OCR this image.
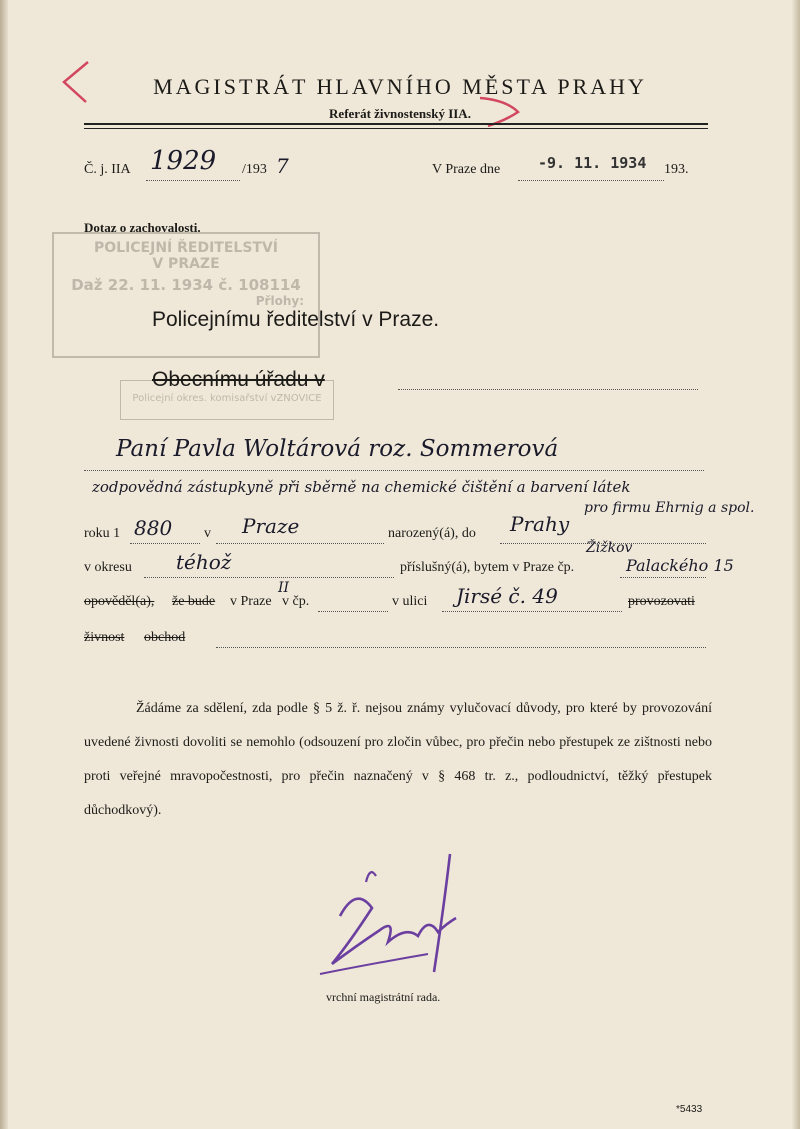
MAGISTRÁT HLAVNÍHO MĚSTA PRAHY
Referát živnostenský IIA.
Č. j. IIA 1929 /193 7	V Praze dne	-9. 11. 1934 193.
Dotaz o zachovalosti.
POLICEJNÍ ŘEDITELSTVÍ
V PRAZE
Daž 22. 11. 1934 č. 108114
Přlohy:
Policejní okres. komisařství vZNOVICE
Policejnímu ředitelství v Praze.
Obecnímu úřadu v
Paní Pavla Woltárová roz. Sommerová
zodpovědná zástupkyně při sběrně na chemické čištění a barvení látek
pro firmu Ehrnig a spol.
roku 1 880 v Praze	narozený(á), do Prahy
v okresu téhož	příslušný(á), bytem v Praze čp.
Žižkov
Palackého 15
opověděl(a), že bude v Praze
II
v čp.	v ulici Jirsé č. 49	provozovati
živnost obchod
Žádáme za sdělení, zda podle § 5 ž. ř. nejsou známy vylučovací důvody, pro které by provozování uvedené živnosti dovoliti se nemohlo (odsouzení pro zločin vůbec, pro přečin nebo přestupek ze zištnosti nebo proti veřejné mravopočestnosti, pro přečin naznačený v § 468 tr. z., podloudnictví, těžký přestupek důchodkový).
vrchní magistrátní rada.
*5433
